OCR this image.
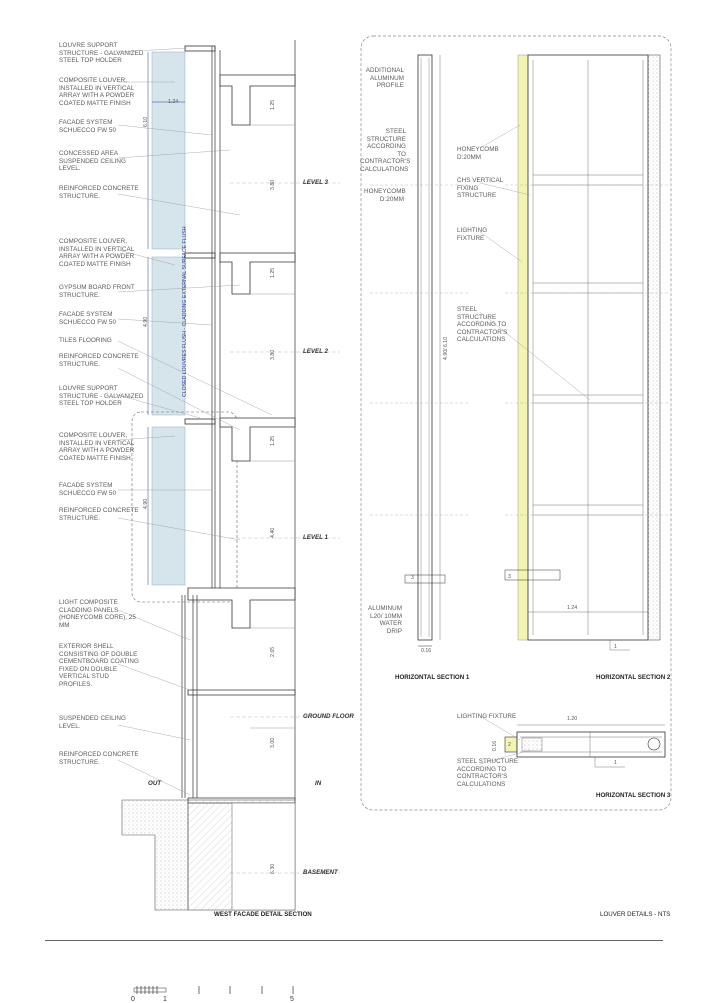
LOUVRE SUPPORT STRUCTURE - GALVANIZED STEEL TOP HOLDER
COMPOSITE LOUVER, INSTALLED IN VERTICAL ARRAY WITH A POWDER COATED MATTE FINISH
FACADE SYSTEM SCHUECCO FW 50
CONCESSED AREA SUSPENDED CEILING LEVEL.
REINFORCED CONCRETE STRUCTURE.
COMPOSITE LOUVER, INSTALLED IN VERTICAL ARRAY WITH A POWDER COATED MATTE FINISH
GYPSUM BOARD FRONT STRUCTURE.
FACADE SYSTEM SCHUECCO FW 50
TILES FLOORING
REINFORCED CONCRETE STRUCTURE.
LOUVRE SUPPORT STRUCTURE - GALVANIZED STEEL TOP HOLDER
COMPOSITE LOUVER, INSTALLED IN VERTICAL ARRAY WITH A POWDER COATED MATTE FINISH
FACADE SYSTEM SCHUECCO FW 50
REINFORCED CONCRETE STRUCTURE.
LIGHT COMPOSITE CLADDING PANELS (HONEYCOMB CORE), 25 MM
EXTERIOR SHELL CONSISTING OF DOUBLE CEMENTBOARD COATING FIXED ON DOUBLE VERTICAL STUD PROFILES.
SUSPENDED CEILING LEVEL.
REINFORCED CONCRETE STRUCTURE.
LEVEL 3
LEVEL 2
LEVEL 1
GROUND FLOOR
BASEMENT
OUT	IN
CLOSED LOUVRES FLUSH - CLADDING EXTERNAL SURFACE FLUSH
6.10
1.24
4.90
4.90
1.25
3.80
1.25
3.80
1.25
4.40
2.65
3.00
6.30
WEST FACADE DETAIL SECTION
ADDITIONAL ALUMINUM PROFILE
STEEL STRUCTURE ACCORDING TO CONTRACTOR'S CALCULATIONS
HONEYCOMB D:20MM
ALUMINUM L20/ 10MM WATER DRIP
3
0.16
4.90/ 6.10
HONEYCOMB D:20MM
CHS VERTICAL FIXING STRUCTURE
LIGHTING FIXTURE
STEEL STRUCTURE ACCORDING TO CONTRACTOR'S CALCULATIONS
3
1
1.24
LIGHTING FIXTURE
STEEL STRUCTURE ACCORDING TO CONTRACTOR'S CALCULATIONS
1.20
0.16 2
1
HORIZONTAL SECTION 1	HORIZONTAL SECTION 2
HORIZONTAL SECTION 3
LOUVER DETAILS - NTS
0	1	5
